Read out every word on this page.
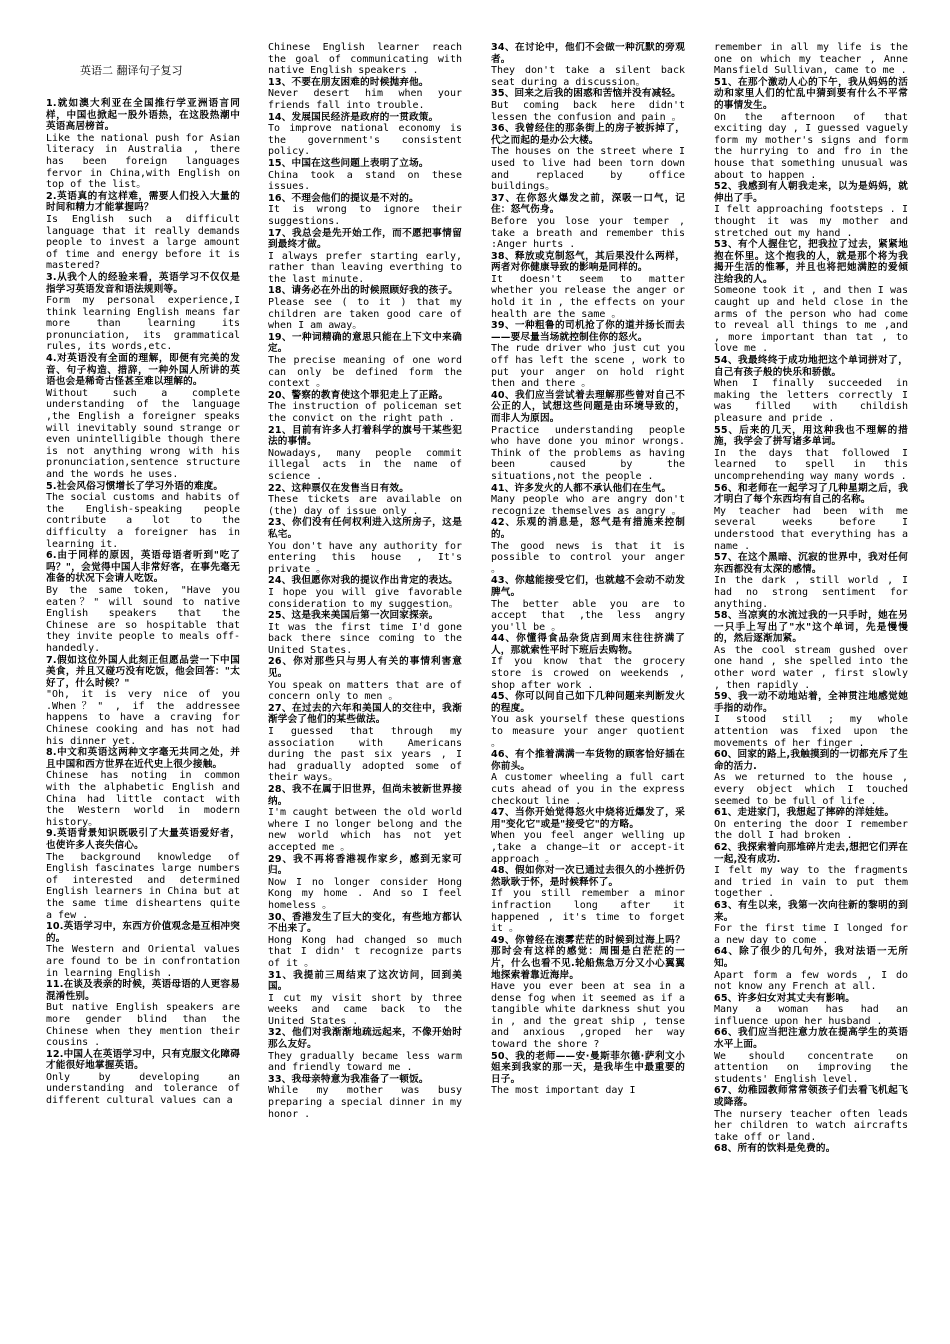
英语二 翻译句子复习
1.就如澳大利亚在全国推行学亚洲语言同样，中国也掀起一股外语热，在这股热潮中英语高居榜首。
Like the national push for Asian literacy in Australia , there has been foreign languages fervor in China,with English on top of the list。
2.英语真的有这样难，需要人们投入大量的时间和精力才能掌握吗？
Is English such a difficult language that it really demands people to invest a large amount of time and energy before it is mastered?
3.从我个人的经验来看，英语学习不仅仅是指学习英语发音和语法规则等。
Form my personal experience,I think learning English means far more than learning its pronunciation, its grammatical rules, its words,etc.
4.对英语没有全面的理解，即便有完美的发音、句子构造、措辞，一种外国人所讲的英语也会是稀奇古怪甚至难以理解的。
Without such a complete understanding of the language ,the English a foreigner speaks will inevitably sound strange or even unintelligible though there is not anything wrong with his pronunciation,sentence structure and the words he uses.
5.社会风俗习惯增长了学习外语的难度。
The social customs and habits of the English-speaking people contribute a lot to the difficulty a foreigner has in learning it.
6.由于同样的原因，英语母语者听到"吃了吗？"，会觉得中国人非常好客，在事先毫无准备的状况下会请人吃饭。
By the same token, "Have you eaten？" will sound to native English speakers that the Chinese are so hospitable that they invite people to meals off-handedly.
7.假如这位外国人此刻正但愿品尝一下中国美食，并且又碰巧没有吃饭，他会回答："太好了，什么时候？"
"Oh, it is very nice of you .When？" , if the addressee happens to have a craving for Chinese cooking and has not had his dinner yet.
8.中文和英语这两种文字毫无共同之处，并且中国和西方世界在近代史上很少接触。
Chinese has noting in common with the alphabetic English and China had little contact with the Western world in modern history。
9.英语背景知识既吸引了大量英语爱好者，也使许多人丧失信心。
The background knowledge of English fascinates large numbers of interested and determined English learners in China but at the same time disheartens quite a few .
10.英语学习中，东西方价值观念是互相冲突的。
The Western and Oriental values are found to be in confrontation in learning English .
11.在谈及表亲的时候，英语母语的人更容易混淆性别。
But native English speakers are more gender blind than the Chinese when they mention their cousins .
12.中国人在英语学习中，只有克服文化障碍才能很好地掌握英语。
Only by developing an understanding and tolerance of different cultural values can a
Chinese English learner reach the goal of communicating with native English speakers .
13、不要在朋友困难的时候抛弃他。
Never desert him when your friends fall into trouble.
14、发展国民经济是政府的一贯政策。
To improve national economy is the government's consistent policy.
15、中国在这些问题上表明了立场。
China took a stand on these issues.
16、不理会他们的提议是不对的。
It is wrong to ignore their suggestions.
17、我总会是先开始工作，而不愿把事情留到最终才做。
I always prefer starting early, rather than leaving everthing to the last minute.
18、请务必在外出的时候照顾好我的孩子。
Please see ( to it ) that my children are taken good care of when I am away。
19、一种词精确的意思只能在上下文中来确定。
The precise meaning of one word can only be defined form the context 。
20、警察的教育使这个罪犯走上了正路。
The instruction of policeman set the convict on the right path .
21、目前有许多人打着科学的旗号干某些犯法的事情。
Nowadays, many people commit illegal acts in the name of science .
22、这种票仅在发售当日有效。
These tickets are available on (the) day of issue only .
23、你们没有任何权利进入这所房子，这是私宅。
You don't have any authority for entering this house , It's private 。
24、我但愿你对我的提议作出肯定的表达。
I hope you will give favorable consideration to my suggestion。
25、这是我来美国后第一次回家探亲。
It was the first time I'd gone back there since coming to the United States.
26、你对那些只与男人有关的事情利害意见。
You speak on matters that are of concern only to men 。
27、在过去的六年和美国人的交往中，我渐渐学会了他们的某些做法。
I guessed that through my association with Americans during the past six years , I had gradually adopted some of their ways。
28、我不在属于旧世界，但尚未被新世界接纳。
I'm caught between the old world where I no longer belong and the new world which has not yet accepted me 。
29、我不再将香港视作家乡，感到无家可归。
Now I no longer consider Hong Kong my home . And so I feel homeless 。
30、香港发生了巨大的变化，有些地方都认不出来了。
Hong Kong had changed so much that I didn' t recognize parts of it 。
31、我提前三周结束了这次访问，回到美国。
I cut my visit short by three weeks and came back to the United States .
32、他们对我渐渐地疏远起来，不像开始时那么友好。
They gradually became less warm and friendly toward me .
33、我母亲特意为我准备了一顿饭。
While my mother was busy preparing a special dinner in my honor .
34、在讨论中，他们不会做一种沉默的旁观者。
They don't take a silent back seat during a discussion。
35、回来之后我的困惑和苦恼并没有减轻。
But coming back here didn't lessen the confusion and pain 。
36、我曾经住的那条街上的房子被拆掉了，代之而起的是办公大楼。
The houses on the street where I used to live had been torn down and replaced by office buildings。
37、在你怒火爆发之前，深吸一口气，记住：怒气伤身。
Before you lose your temper , take a breath and remember this :Anger hurts .
38、释放或克制怒气，其后果没什么两样，两者对你健康导致的影响是同样的。
It doesn't seem to matter whether you release the anger or hold it in , the effects on your health are the same 。
39、一种粗鲁的司机抢了你的道并扬长而去——要尽量当场就控制住你的怒火。
The rude driver who just cut you off has left the scene , work to put your anger on hold right then and there 。
40、我们应当尝试着去理解那些曾对自己不公正的人，试想这些问题是由环境导致的，而非人为原因。
Practice understanding people who have done you minor wrongs. Think of the problems as having been caused by the situations,not the people .
41、许多发火的人都不承认他们在生气。
Many people who are angry don't recognize themselves as angry 。
42、乐观的消息是，怒气是有措施来控制的。
The good news is that it is possible to control your anger 。
43、你越能接受它们，也就越不会动不动发脾气。
The better able you are to accept that ,the less angry you'll be 。
44、你懂得食品杂货店到周末往往挤满了人，那就索性平时下班后去购物。
If you know that the grocery store is crowed on weekends , shop after work .
45、你可以问自己如下几种问题来判断发火的程度。
You ask yourself these questions to measure your anger quotient 。
46、有个推着满满一车货物的顾客恰好插在你前头。
A customer wheeling a full cart cuts ahead of you in the express checkout line .
47、当你开始觉得怒火中烧将近爆发了，采用"变化它"或是"接受它"的方略。
When you feel anger welling up ,take a change—it or accept-it approach 。
48、假如你对一次已通过去很久的小挫折仍然耿耿于怀，是时候释怀了。
If you still remember a minor infraction long after it happened , it's time to forget it 。
49、你曾经在滚雾茫茫的时候到过海上吗？那时会有这样的感觉：周围是白茫茫的一片，什么也看不见.轮船焦急万分又小心翼翼地探索着靠近海岸。
Have you ever been at sea in a dense fog when it seemed as if a tangible white darkness shut you in , and the great ship , tense and anxious ,groped her way toward the shore ?
50、我的老师——安·曼斯菲尔德·萨利文小姐来到我家的那一天，是我毕生中最重要的日子。
The most important day I
remember in all my life is the one on which my teacher , Anne Mansfield Sullivan, came to me .
51、在那个激动人心的下午，我从妈妈的活动和家里人们的忙乱中猜到要有什么不平常的事情发生。
On the afternoon of that exciting day , I guessed vaguely form my mother's signs and form the hurrying to and fro in the house that something unusual was about to happen .
52、我感到有人朝我走来，以为是妈妈，就伸出了手。
I felt approaching footsteps . I thought it was my mother and stretched out my hand .
53、有个人握住它，把我拉了过去，紧紧地抱在怀里。这个抱我的人，就是那个将为我揭开生活的惟幂，并且也将把她满腔的爱倾注给我的人。
Someone took it , and then I was caught up and held close in the arms of the person who had come to reveal all things to me ,and , more important than tat , to love me .
54、我最终终于成功地把这个单词拼对了，自己有孩子般的快乐和骄傲。
When I finally succeeded in making the letters correctly I was filled with childish pleasure and pride .
55、后来的几天，用这种我也不理解的措施，我学会了拼写诸多单词。
In the days that followed I learned to spell in this uncomprehending way many words .
56、和老师在一起学习了几种星期之后，我才明白了每个东西均有自己的名称。
My teacher had been with me several weeks before I understood that everything has a name .
57、在这个黑暗、沉寂的世界中，我对任何东西都没有太深的感情。
In the dark , still world , I had no strong sentiment for anything.
58、当凉爽的水流过我的一只手时，她在另一只手上写出了"水"这个单词，先是慢慢的，然后逐渐加紧。
As the cool stream gushed over one hand , she spelled into the other word water , first slowly , then rapidly .
59、我一动不动地站着，全神贯注地感觉她手指的动作。
I stood still ; my whole attention was fixed upon the movements of her finger .
60、回家的路上,我触摸到的一切都充斥了生命的活力.
As we returned to the house , every object which I touched seemed to be full of life .
61、走进家门，我想起了摔碎的洋娃娃。
On entering the door I remember the doll I had broken .
62、我探索着向那堆碎片走去,想把它们弄在一起,没有成功.
I felt my way to the fragments and tried in vain to put them together .
63、有生以来，我第一次向往新的黎明的到来。
For the first time I longed for a new day to come .
64、除了很少的几句外，我对法语一无所知。
Apart form a few words , I do not know any French at all.
65、许多妇女对其丈夫有影响。
Many a woman has had an influence upon her husband .
66、我们应当把注意力放在提高学生的英语水平上面。
We should concentrate on attention on improving the students' English level.
67、幼稚园教师常常领孩子们去看飞机起飞或降落。
The nursery teacher often leads her children to watch aircrafts take off or land.
68、所有的饮料是免费的。
